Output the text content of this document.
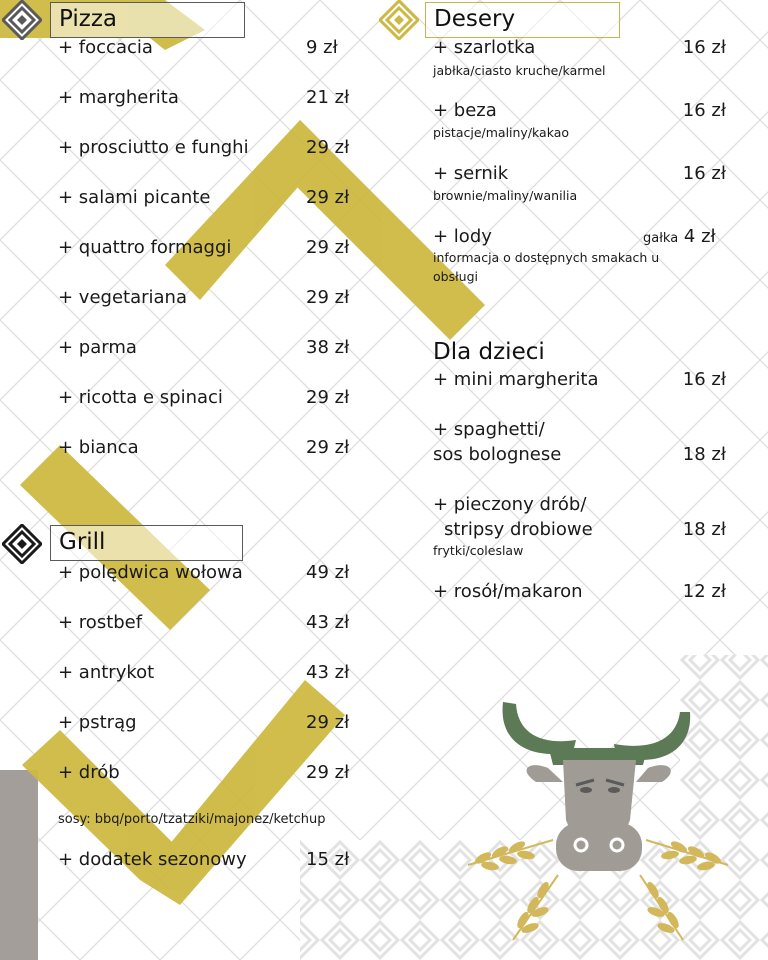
Pizza
+ foccacia	9 zł
+ margherita	21 zł
+ prosciutto e funghi	29 zł
+ salami picante	29 zł
+ quattro formaggi	29 zł
+ vegetariana	29 zł
+ parma	38 zł
+ ricotta e spinaci	29 zł
+ bianca	29 zł
Grill
+ polędwica wołowa	49 zł
+ rostbef	43 zł
+ antrykot	43 zł
+ pstrąg	29 zł
+ drób	29 zł
sosy: bbq/porto/tzatziki/majonez/ketchup
+ dodatek sezonowy	15 zł
Desery
+ szarlotka	16 zł
jabłka/ciasto kruche/karmel
+ beza	16 zł
pistacje/maliny/kakao
+ sernik	16 zł
brownie/maliny/wanilia
+ lody	gałka 4 zł
informacja o dostępnych smakach u obsługi
Dla dzieci
+ mini margherita	16 zł
+ spaghetti/
sos bolognese	18 zł
+ pieczony drób/
stripsy drobiowe	18 zł
frytki/coleslaw
+ rosół/makaron	12 zł
